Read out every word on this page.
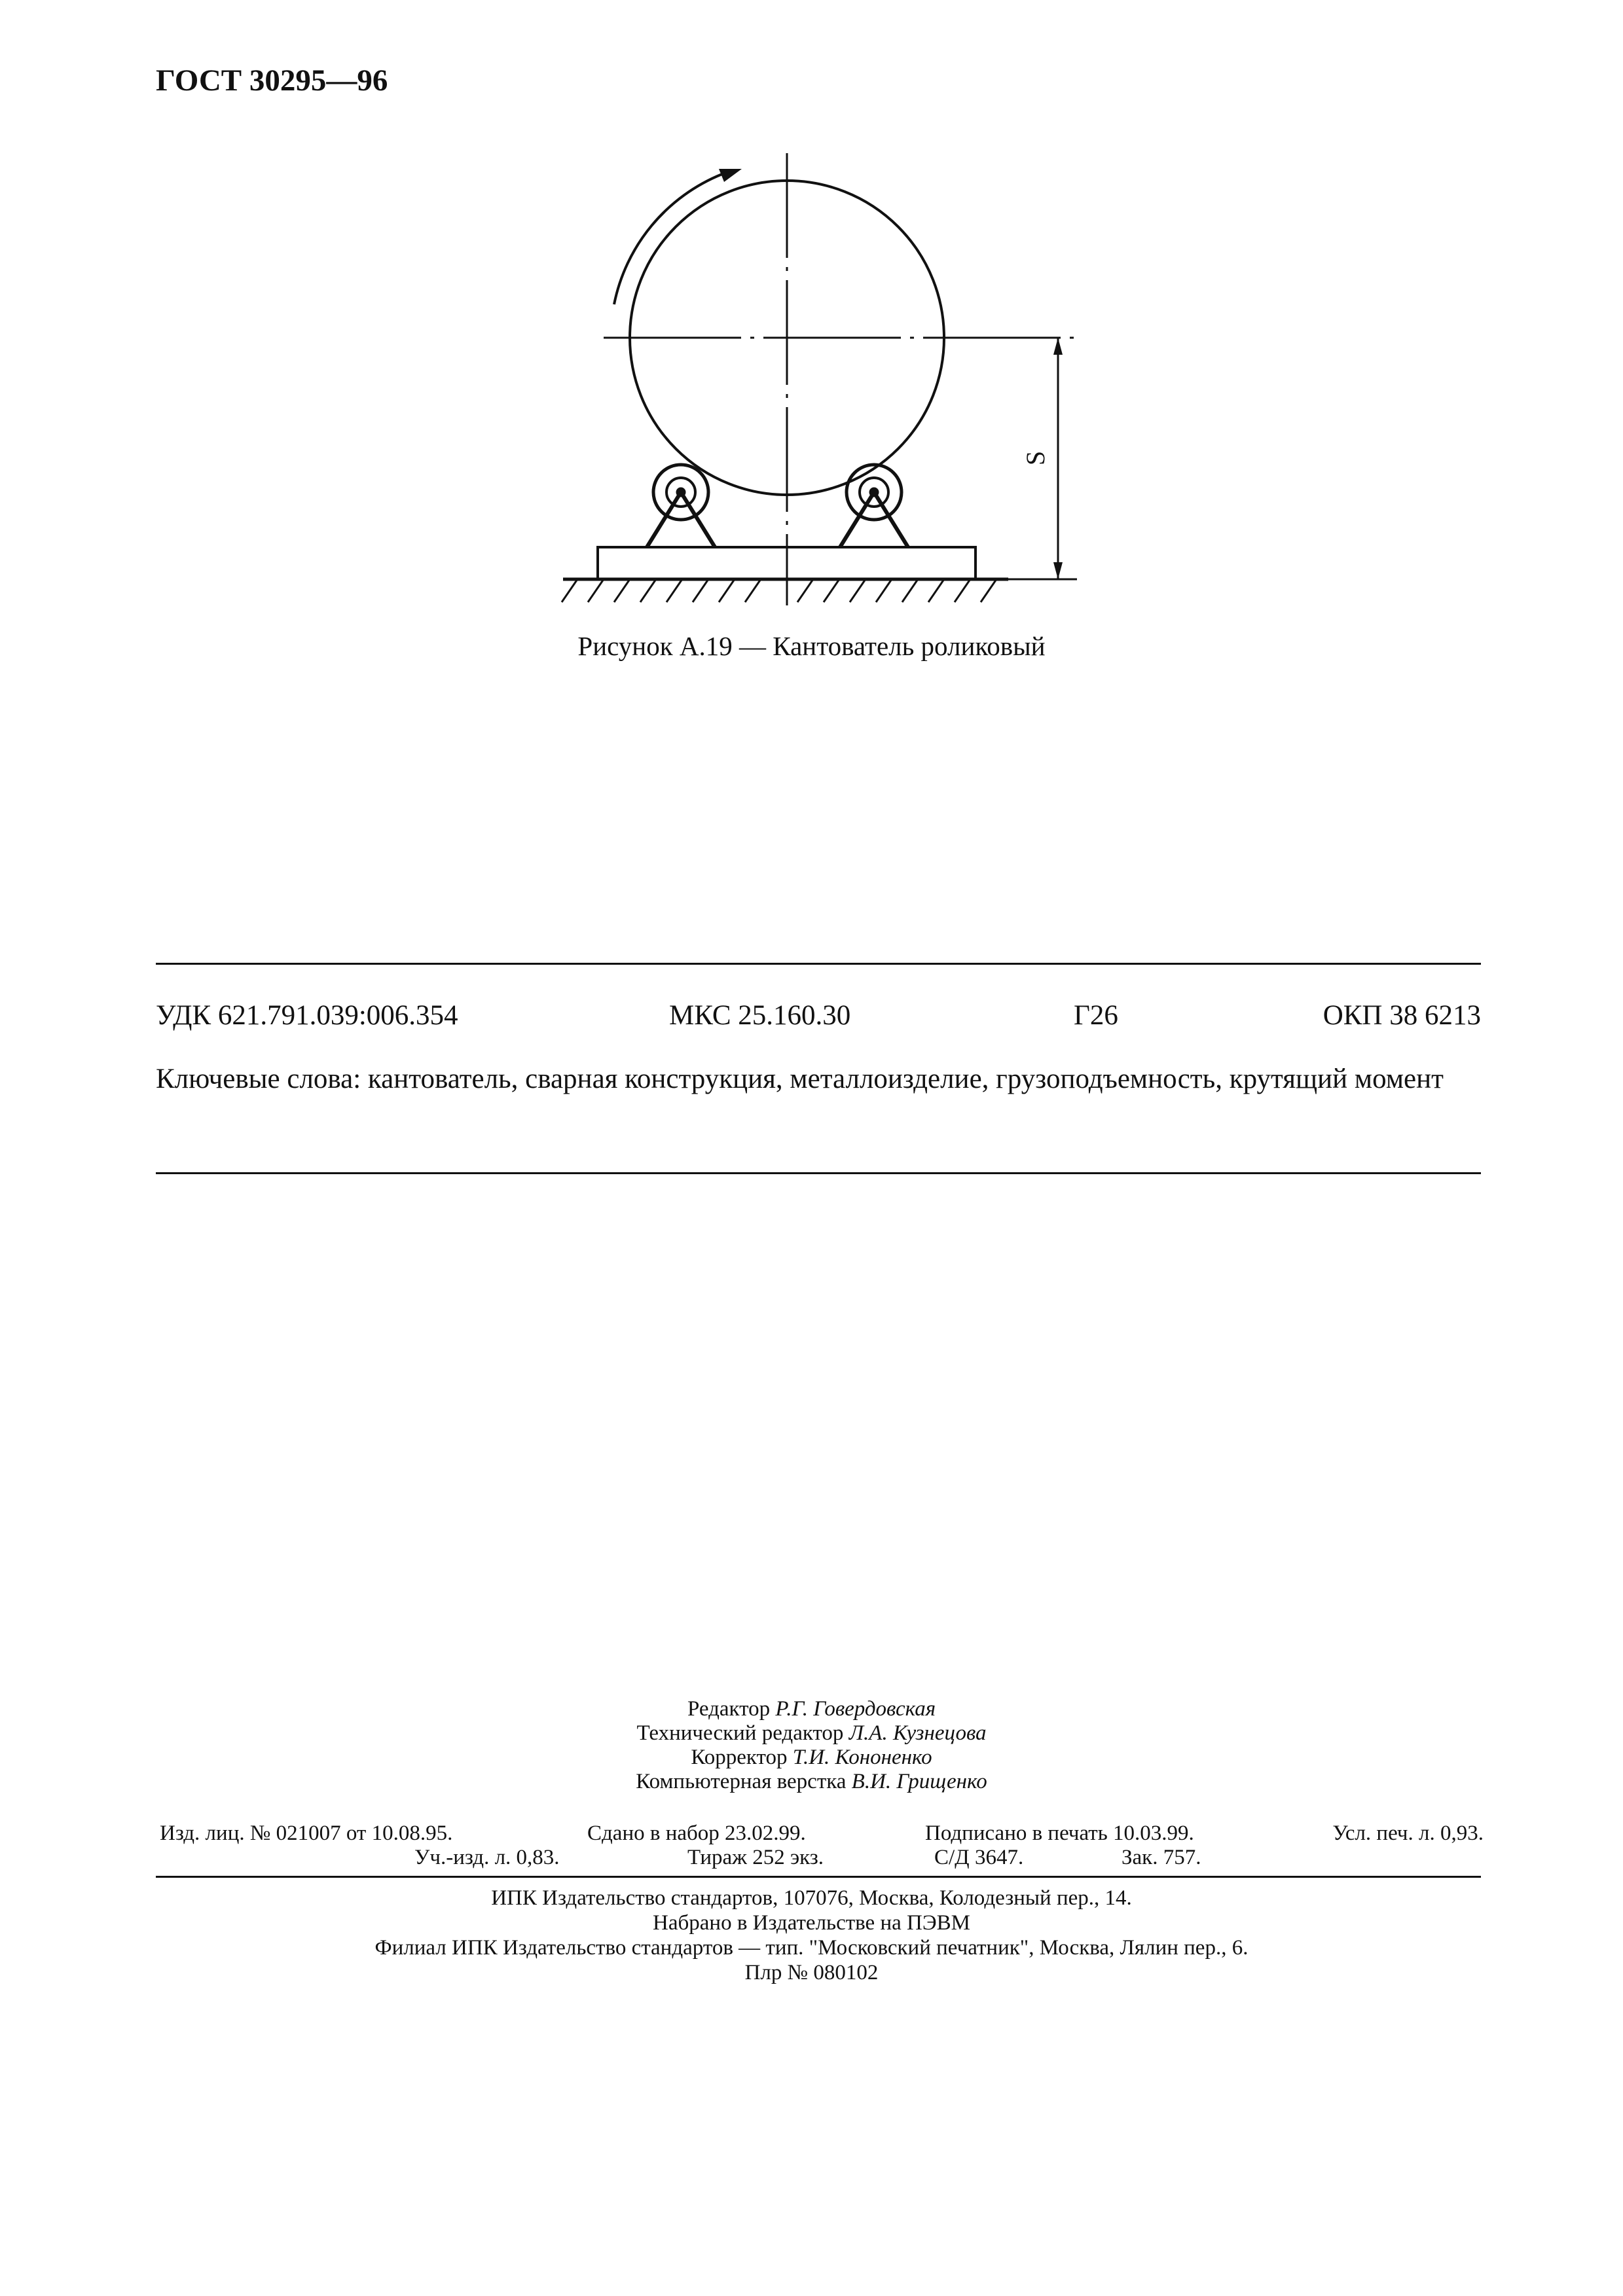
ГОСТ 30295—96
S
Рисунок А.19 — Кантователь роликовый
УДК 621.791.039:006.354	МКС 25.160.30	Г26	ОКП 38 6213
Ключевые слова: кантователь, сварная конструкция, металлоизделие, грузоподъемность, крутящий момент
Редактор Р.Г. Говердовская
Технический редактор Л.А. Кузнецова
Корректор Т.И. Кононенко
Компьютерная верстка В.И. Грищенко
Изд. лиц. № 021007 от 10.08.95.	Сдано в набор 23.02.99.	Подписано в печать 10.03.99.	Усл. печ. л. 0,93.
Уч.-изд. л. 0,83.	Тираж 252 экз.	С/Д 3647.	Зак. 757.
ИПК Издательство стандартов, 107076, Москва, Колодезный пер., 14.
Набрано в Издательстве на ПЭВМ
Филиал ИПК Издательство стандартов — тип. "Московский печатник", Москва, Лялин пер., 6.
Плр № 080102
